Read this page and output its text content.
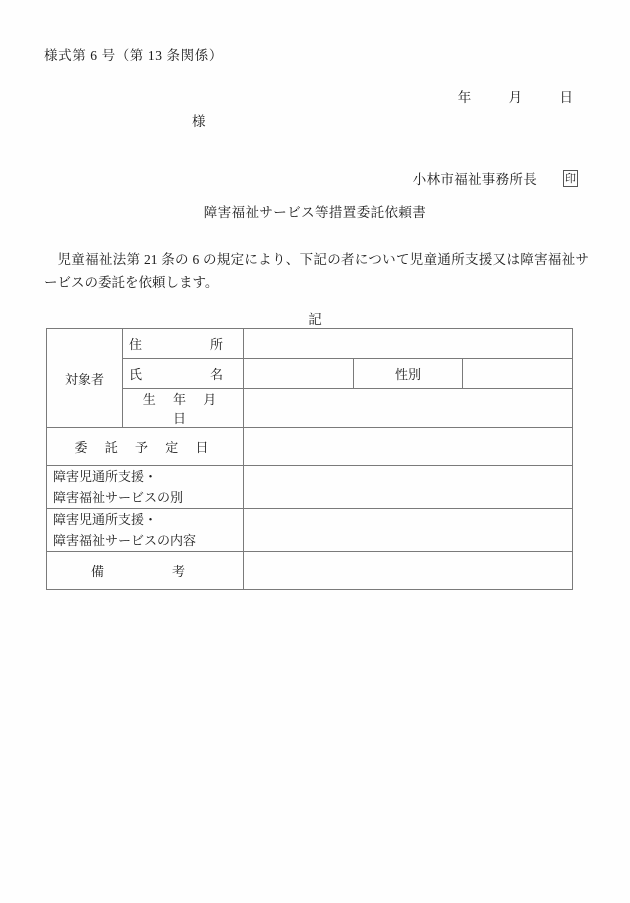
様式第 6 号（第 13 条関係）
年	月	日
様
小林市福祉事務所長	印
障害福祉サービス等措置委託依頼書

児童福祉法第 21 条の 6 の規定により、下記の者について児童通所支援又は障害福祉サービスの委託を依頼します。

記
対象者	住　　所			
	氏　　名		性別	
	生 年 月 日			
委 託 予 定 日				

障害児通所支援・
障害福祉サービスの別				

障害児通所支援・
障害福祉サービスの内容				

備　　考				
